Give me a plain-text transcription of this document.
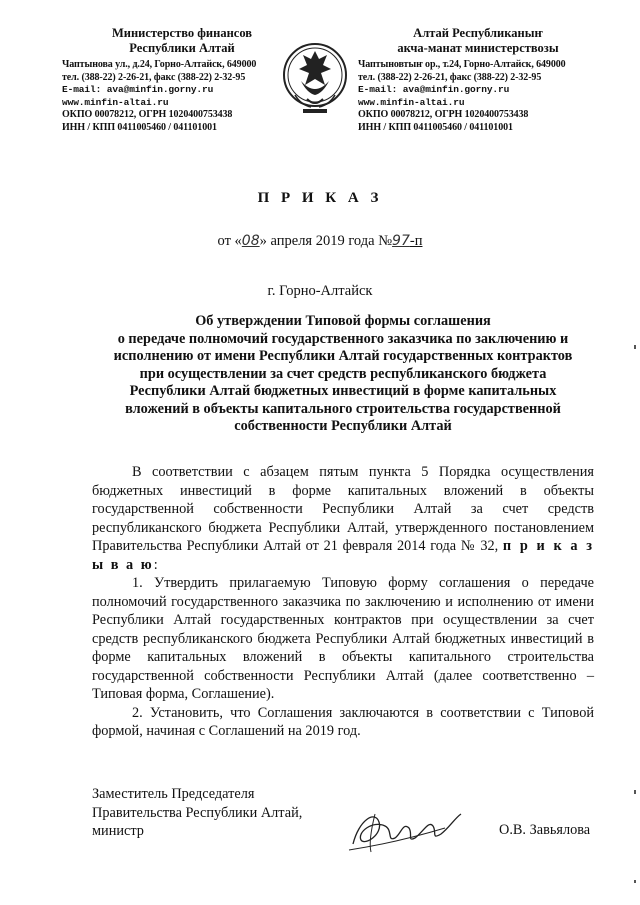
Министерство финансов
Республики Алтай
Чаптынова ул., д.24, Горно-Алтайск, 649000
тел. (388-22) 2-26-21, факс (388-22) 2-32-95
E-mail: ava@minfin.gorny.ru
www.minfin-altai.ru
ОКПО 00078212, ОГРН 1020400753438
ИНН / КПП 0411005460 / 041101001
Алтай Республиканыҥ
акча-манат министерствозы
Чаптыновтыҥ ор., т.24, Горно-Алтайск, 649000
тел. (388-22) 2-26-21, факс (388-22) 2-32-95
E-mail: ava@minfin.gorny.ru
www.minfin-altai.ru
ОКПО 00078212, ОГРН 1020400753438
ИНН / КПП 0411005460 / 041101001
П Р И К А З
от «08» апреля 2019 года №97-п
г. Горно-Алтайск
Об утверждении Типовой формы соглашения
о передаче полномочий государственного заказчика по заключению и
исполнению от имени Республики Алтай государственных контрактов
при осуществлении за счет средств республиканского бюджета
Республики Алтай бюджетных инвестиций в форме капитальных
вложений в объекты капитального строительства государственной
собственности Республики Алтай

В соответствии с абзацем пятым пункта 5 Порядка осуществления бюджетных инвестиций в форме капитальных вложений в объекты государственной собственности Республики Алтай за счет средств республиканского бюджета Республики Алтай, утвержденного постановлением Правительства Республики Алтай от 21 февраля 2014 года № 32, п р и к а з ы в а ю:

1. Утвердить прилагаемую Типовую форму соглашения о передаче полномочий государственного заказчика по заключению и исполнению от имени Республики Алтай государственных контрактов при осуществлении за счет средств республиканского бюджета Республики Алтай бюджетных инвестиций в форме капитальных вложений в объекты капитального строительства государственной собственности Республики Алтай (далее соответственно – Типовая форма, Соглашение).

2. Установить, что Соглашения заключаются в соответствии с Типовой формой, начиная с Соглашений на 2019 год.

Заместитель Председателя
Правительства Республики Алтай,
министр	О.В. Завьялова
